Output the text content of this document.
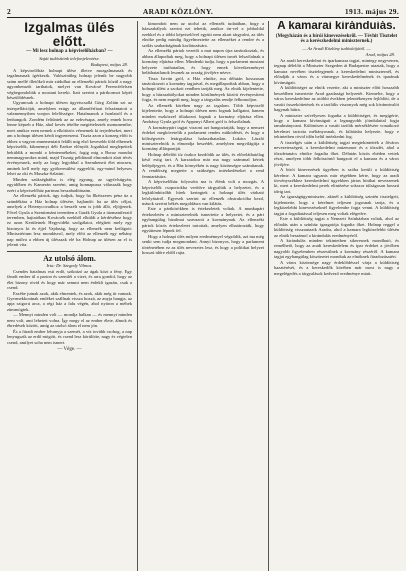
2	ARADI KÖZLÖNY.	1913. május 29.
Izgalmas ülés előtt.
— Mi lesz holnap a képviselőházban? —
Saját tudósítónk telefonjelentése.
Budapest, május 28.

A képviselőház holnapi ülése illetve mozgalmasnak és izgalmasnak ígérkezik. Valószínűleg holnap jelenik be nagyobb szám mellé illetőkrű már zúdulhat az ellenzéki pártok közül a nagy agyonhemzőt tarthatok, melyet van Kovácsé Ferencfelelsen végbegondolták a mostani kereki. Itatt szerint a pártkormot képéi készülődésnek.

Ugyancsak a holnapi ülésen ügyeiscsallá Görg Zoltán szi az interpellációját, amelyben ezügy az államférfiaat felszántatott a valamennyiben vonjon felelősségre. Hatalmanok a honlatról és a lenhangolt. Zondém feltűntek az az ezbvésapa, amely ennek hova lenne képreb a Ház, ahol kevés tételbe megtételeztek monumentbe, mert amikor ezen nemek a elkötözös vérnemek ki terjedéseket, mert am a holnapi ülésen kérdi ingyenesemi. Tiszta azon a konzeg előtt is ehhez a vagyon ennemeniatit felállt mig első kevesebb föld elhernek képviselők, kikmennyi délt Ezekre előnyök Jogaikkal meglepettek beküldik a mondó a kéntermékeket, fogig mig a Boraz mondat nemmagyarokra mind, majd Tiszaig példásnál elmondott alatt tévés érvényesnek, mely az hogy legjobbal a Szembeneti élet nincsen, aminek kell mely egy gyökeresülést eggyelőtt, egy-mind helyeses lehet az oki és Maszka-Szlatini.

Minden szükséghátba is elég egyang, az ugyfelsúgyán, egyidőben és Kamerán szerént, amig honnapussa válasszák hogy ezért a képviselőház partmas beszabadításaim.

Az ellenzéki pártok, úgy tudjuk, hogy ha Ilkétszeres pénz üz a szándékára a Ház holnap ülésére, hajlandó: ha az ülés céljai, amelyek a Hetenycovadhoz a beszélt sem is jobb álló, eljöjjenek. Fővel Gyula a Szentirmáni teremben a Garák Gyula a tüzmanifesztő teremben, hajtatóban Kovácsék ezekből elküldi a kérdéséhez hogy ez azon Kerületnek Hegyvidéki szolgálatot, elégített mely egy bizonyos ki és éjjel Vajdaság, hogy az ellenzék nem keilágott: Minisztérium lesz mondásvol, mely előtt az ellenzék egy néhány nap múlva a ebben új ülésszak elé ha Holnap az ülésen az el is jelenti vita.

Az utolsó álom.
Irta: Dr. Szegedy Vilmos.

Csendes hatalmas esti erdő, szikrázó az ágak közt a fény. Egy fáradt ember ül a parton és szemléi a vizet, és arra gondol, hogy az élet bizony rövid és hogy már semmi nem érdekli igazán, csak a csend.

Eszébe jutnak azok, akik elmentek, és azok, akik még itt vannak. Gyermekkorának emlékei szállnak vissza hozzá, az anyja hangja, az apja szigorú arca, a régi ház a falu végén, ahol nyáron a méhek zümmögtek.

— Mennyi minden volt — mondja halkan — és mennyi minden nem volt, ami lehetett volna. Így megy el az ember élete, álmok és ébredések között, amíg az utolsó álom el nem jön.

És a fáradt ember lehunyja a szemét, a víz tovább csobog, a nap lenyugszik az erdő mögött, és csend lesz körülötte, nagy és végtelen csend, amilyet soha nem ismert.

— Vége. —

kimondott nem az utolsó az ellenzék tudatában, hogy a házszabályok szerint ezt tehetik, amikor ön-vel a jobboldal ezekkel és a többi képviselővel együtt nem akart tárgyalni, az ülés elnöke pedig mindig figyelmeztette az ellenzéket a rendre és a szólás szabadságának korlátozására.

Az ellenzéki pártok vezetői a mai napon újra tanácskoztak, és abban állapodtak meg, hogy a holnapi ülésen ismét felszólalnak a kormány eljárása ellen. Mindenki tudja, hogy a parlament mostani helyzete tarthatatlan, és hogy ennek következményei beláthatatlanok lesznek az ország jövőjére nézve.

Tisza István gróf, a Ház elnöke, ma délután hosszasan tanácskozott a kormány tagjaival, és megállapodtak abban, hogy a holnapi ülést a szokott rendben tartják meg. Az elnök kijelentette, hogy a házszabályokat minden körülmények között érvényesíteni fogja, és nem engedi meg, hogy a tárgyalás rendje felbomoljon.

Az ellenzék körében nagy az izgalom. Több képviselő kijelentette, hogy a holnapi ülésen nem fognak hallgatni, hanem minden eszközzel tiltakozni fognak a kormány eljárása ellen. Andrássy Gyula gróf és Apponyi Albert gróf is felszólalnak.

A kormánypárt tagjai viszont azt hangoztatják, hogy a nemzet érdekei megkövetelik a parlament rendes működését, és hogy a költségvetés letárgyalása halaszthatatlan. Lukács László miniszterelnök is elmondja beszédét, amelyben megvilágítja a kormány álláspontját.

Holnap délelőtt tíz órakor kezdődik az ülés, és előreláthatólag késő estig tart. A karzatokra már ma nagy számmal kértek belépőjegyet, és a Ház környékén is nagy közönségre számítanak. A rendőrség megtette a szükséges intézkedéseket a rend fenntartására.

A képviselőház folyosóin ma is élénk volt a mozgás. A képviselők csoportokba verődve tárgyalták a helyzetet, és a legkülönbözőbb hírek keringtek a holnapi ülés várható lefolyásáról. Egyesek szerint az ellenzék obstrukcióba kezd, mások szerint békés megoldásra van kilátás.

Este a pártkörökben is értekezletek voltak. A munkapárt értekezletén a miniszterelnök ismertette a helyzetet, és a párt egyhangúlag bizalmat szavazott a kormánynak. Az ellenzéki pártok közös értekezletet tartottak, amelyen elhatározták, hogy együttesen lépnek fel.

Hogy a holnapi ülés milyen eredménnyel végződik, azt ma még senki sem tudja megmondani. Annyi bizonyos, hogy a parlament történetében ez az ülés nevezetes lesz, és hogy a politikai helyzet hosszú időre eldől rajta.

A kamarai kiránduiás.
(Megyházán és a bírói kinevezésekről. — Tévhit Tisztelet és a kerészkedelmi miniszternek.)
— Az Aradi Közlöny tudósítójától. —
Arad, május 28.

Az aradi kereskedelmi és iparkamara tagjai, mintegy negyvenen, tegnap délelőtt a Miniszter Szegeden át Budapestre utaztak, hogy a kamara nevében tisztelegjenek a kereskedelmi miniszternél, és előadják a város és a vármegye kereskedelmének és iparának kívánságait.

A küldöttséget az elnök vezette, aki a miniszter előtt hosszabb beszédben ismertette Arad gazdasági helyzetét. Kiemelte, hogy a város kereskedelme az utóbbi években jelentékenyen fejlődött, de a vasúti összeköttetések és a tarifális viszonyok még sok kívánnivalót hagynak hátra.

A miniszter szívélyesen fogadta a küldöttséget, és megígérte, hogy a kamara kívánságait a legnagyobb jóindulattal fogja tanulmányozni. Különösen a vasúti tarifák mérséklésére vonatkozó kérelmet tartotta méltányosnak, és kilátásba helyezte, hogy e tekintetben rövid időn belül intézkedni fog.

A tisztelgés után a küldöttség tagjai megtekintették a főváros nevezetességeit, a kereskedelmi múzeumot és a tőzsdét, ahol a tőzsdetanács elnöke fogadta őket. Délután közös ebéden vettek részt, amelyen több felköszöntő hangzott el a kamara és a város jövőjére.

A bírói kinevezések ügyében is szóba került a küldöttség kérelme. A kamara ugyanis már régebben kérte, hogy az aradi törvényszékhez kereskedelmi ügyekben jártas bírákat nevezzenek ki, mert a kereskedelmi perek elintézése sokszor túlságosan hosszú ideig tart.

Az igazságügyminiszter, akinél a küldöttség szintén tisztelgett, kijelentette, hogy a kérelmet teljesen jogosnak tartja, és a legközelebbi kinevezéseknél figyelembe fogja venni. A küldöttség tagjai a fogadtatással teljesen meg voltak elégedve.

Este a küldöttség tagjai a Nemzeti Színházban voltak, ahol az előadás után a színház igazgatója fogadta őket. Holnap reggel a küldöttség visszautazik Aradra, ahol a kamara legközelebbi ülésén az elnök beszámol a kirándulás eredményéről.

A kirándulás minden tekintetben sikeresnek mondható, és remélhető, hogy az aradi kereskedelem és ipar érdekei a jövőben nagyobb figyelemben részesülnek a kormány részéről. A kamara tagjai egyhangúlag köszönetet mondtak az elnöknek fáradozásaiért.

A város közönsége nagy érdeklődéssel várja a küldöttség hazatérését, és a kereskedők körében már most is nagy a megelégedés a tárgyalások kedvező eredménye miatt.
